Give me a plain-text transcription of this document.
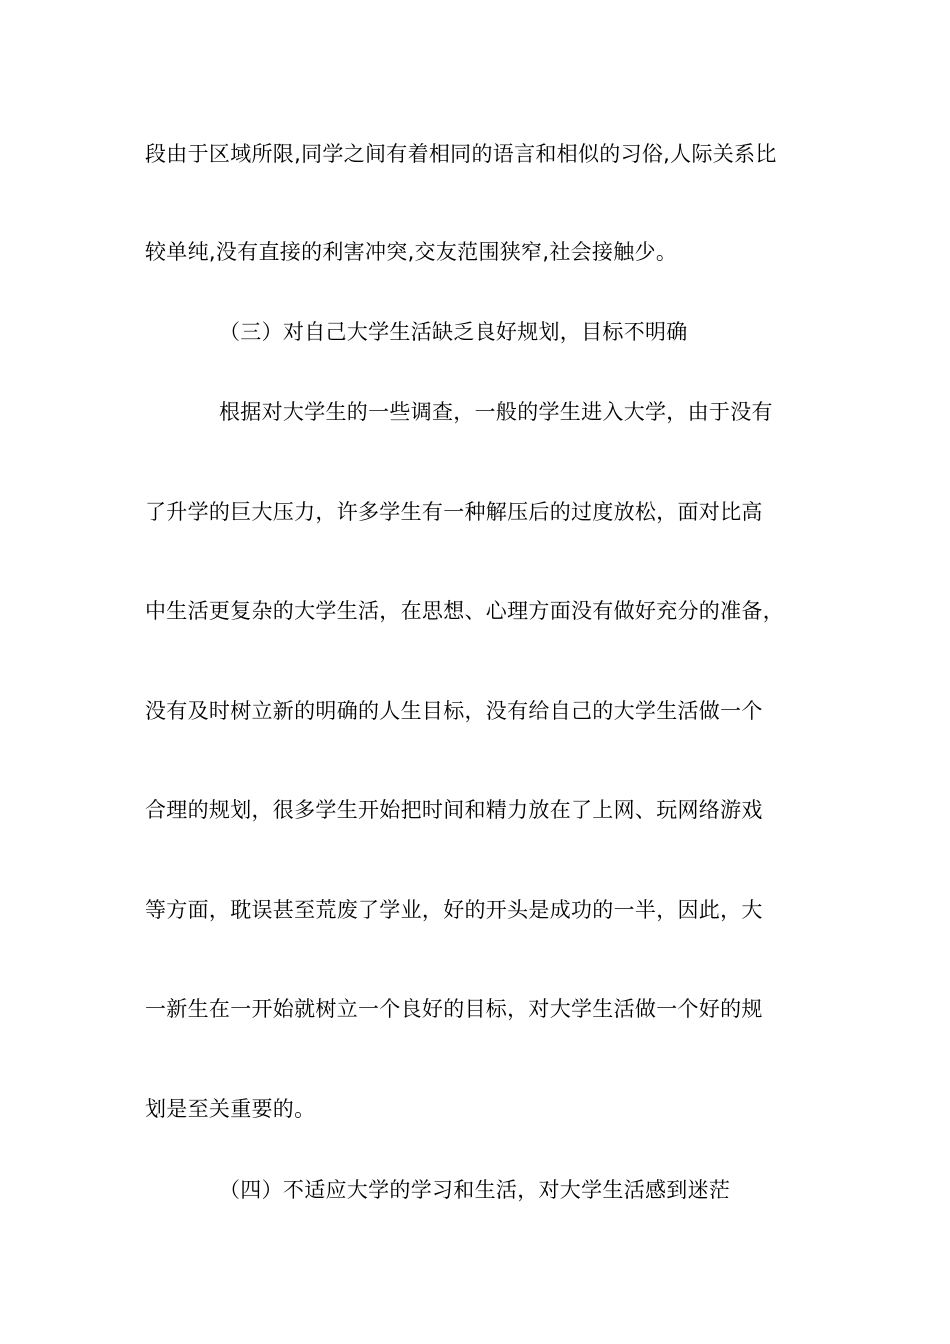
段由于区域所限,同学之间有着相同的语言和相似的习俗,人际关系比
较单纯,没有直接的利害冲突,交友范围狭窄,社会接触少。
（三）对自己大学生活缺乏良好规划，目标不明确
根据对大学生的一些调查，一般的学生进入大学，由于没有
了升学的巨大压力，许多学生有一种解压后的过度放松，面对比高
中生活更复杂的大学生活，在思想、心理方面没有做好充分的准备，
没有及时树立新的明确的人生目标，没有给自己的大学生活做一个
合理的规划，很多学生开始把时间和精力放在了上网、玩网络游戏
等方面，耽误甚至荒废了学业，好的开头是成功的一半，因此，大
一新生在一开始就树立一个良好的目标，对大学生活做一个好的规
划是至关重要的。
（四）不适应大学的学习和生活，对大学生活感到迷茫
